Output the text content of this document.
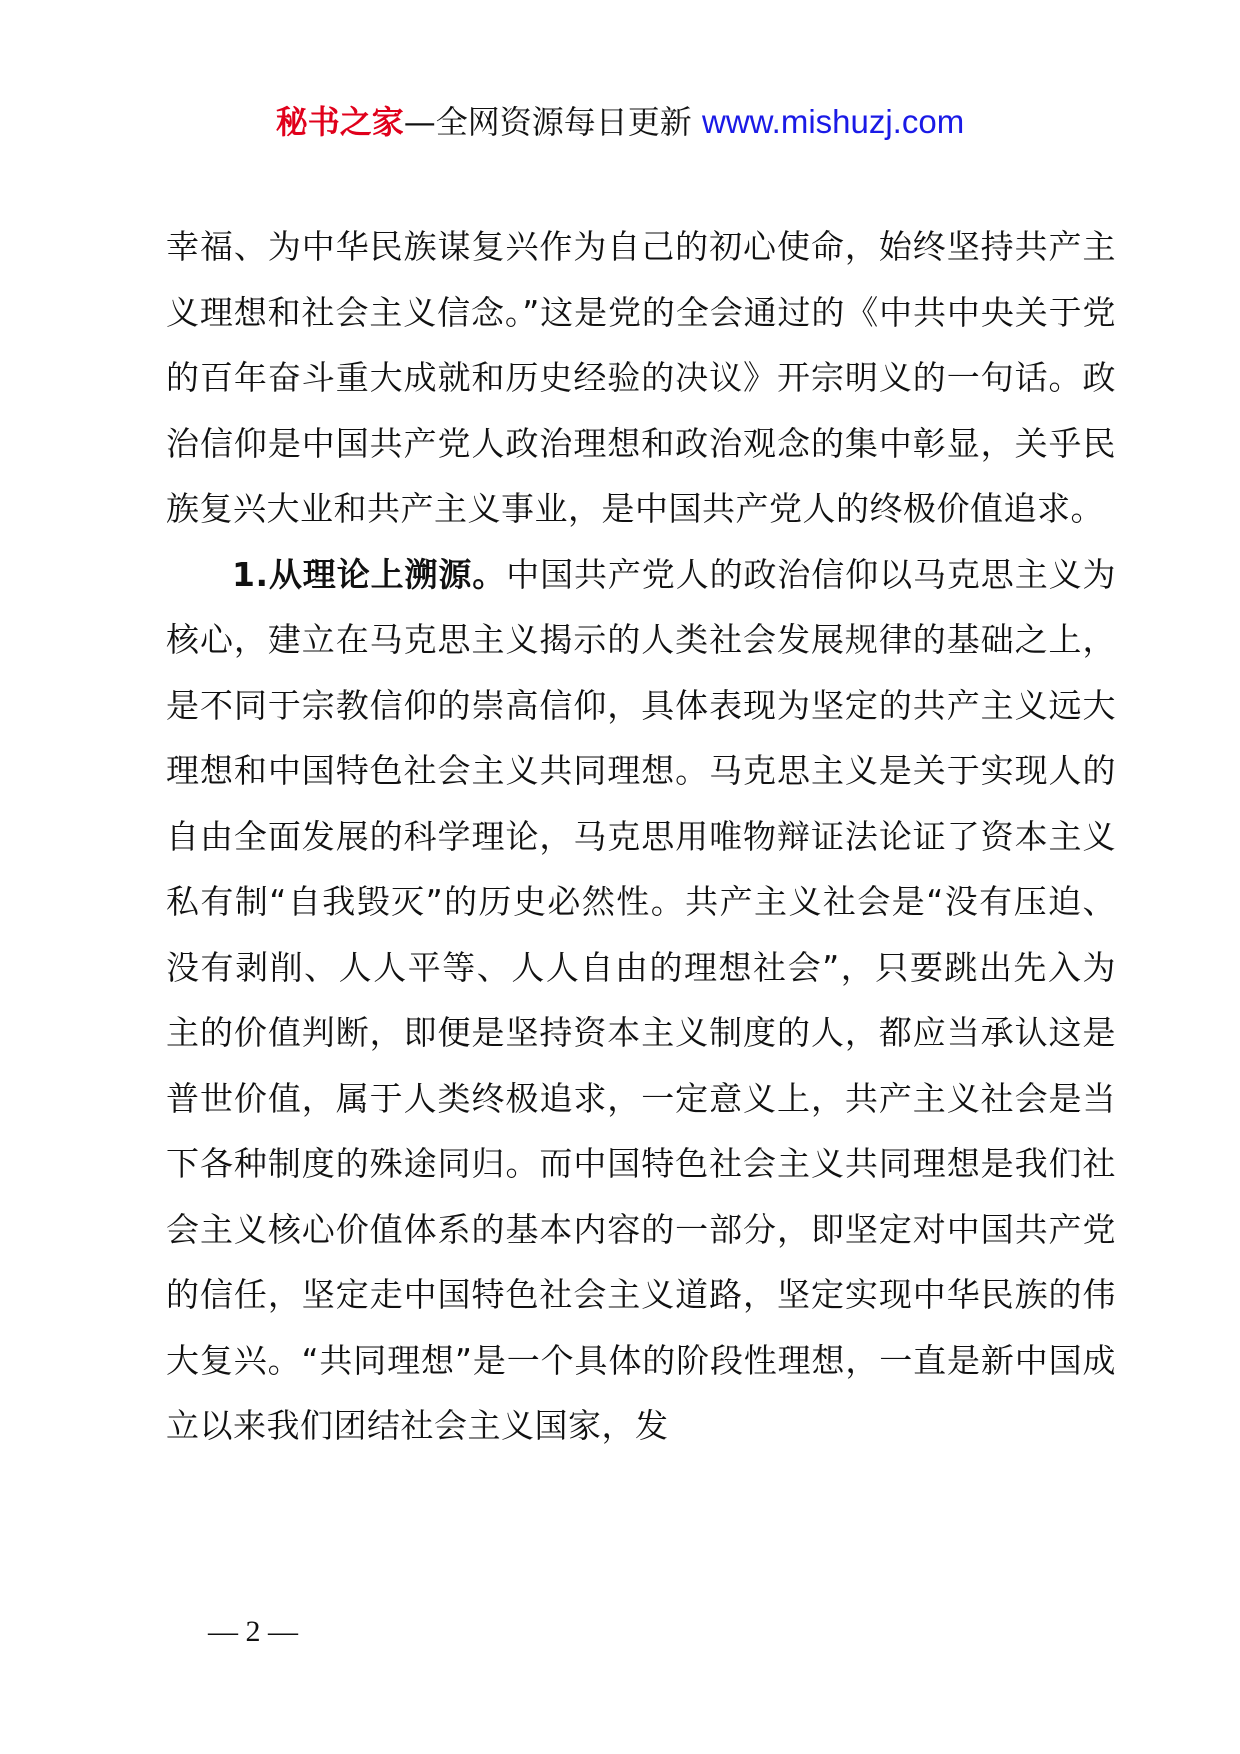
秘书之家—全网资源每日更新 www.mishuzj.com

幸福、为中华民族谋复兴作为自己的初心使命，始终坚持共产主义理想和社会主义信念。”这是党的全会通过的《中共中央关于党的百年奋斗重大成就和历史经验的决议》开宗明义的一句话。政治信仰是中国共产党人政治理想和政治观念的集中彰显，关乎民族复兴大业和共产主义事业，是中国共产党人的终极价值追求。

1.从理论上溯源。中国共产党人的政治信仰以马克思主义为核心，建立在马克思主义揭示的人类社会发展规律的基础之上，是不同于宗教信仰的崇高信仰，具体表现为坚定的共产主义远大理想和中国特色社会主义共同理想。马克思主义是关于实现人的自由全面发展的科学理论，马克思用唯物辩证法论证了资本主义私有制“自我毁灭”的历史必然性。共产主义社会是“没有压迫、没有剥削、人人平等、人人自由的理想社会”，只要跳出先入为主的价值判断，即便是坚持资本主义制度的人，都应当承认这是普世价值，属于人类终极追求，一定意义上，共产主义社会是当下各种制度的殊途同归。而中国特色社会主义共同理想是我们社会主义核心价值体系的基本内容的一部分，即坚定对中国共产党的信任，坚定走中国特色社会主义道路，坚定实现中华民族的伟大复兴。“共同理想”是一个具体的阶段性理想，一直是新中国成立以来我们团结社会主义国家，发

— 2 —
